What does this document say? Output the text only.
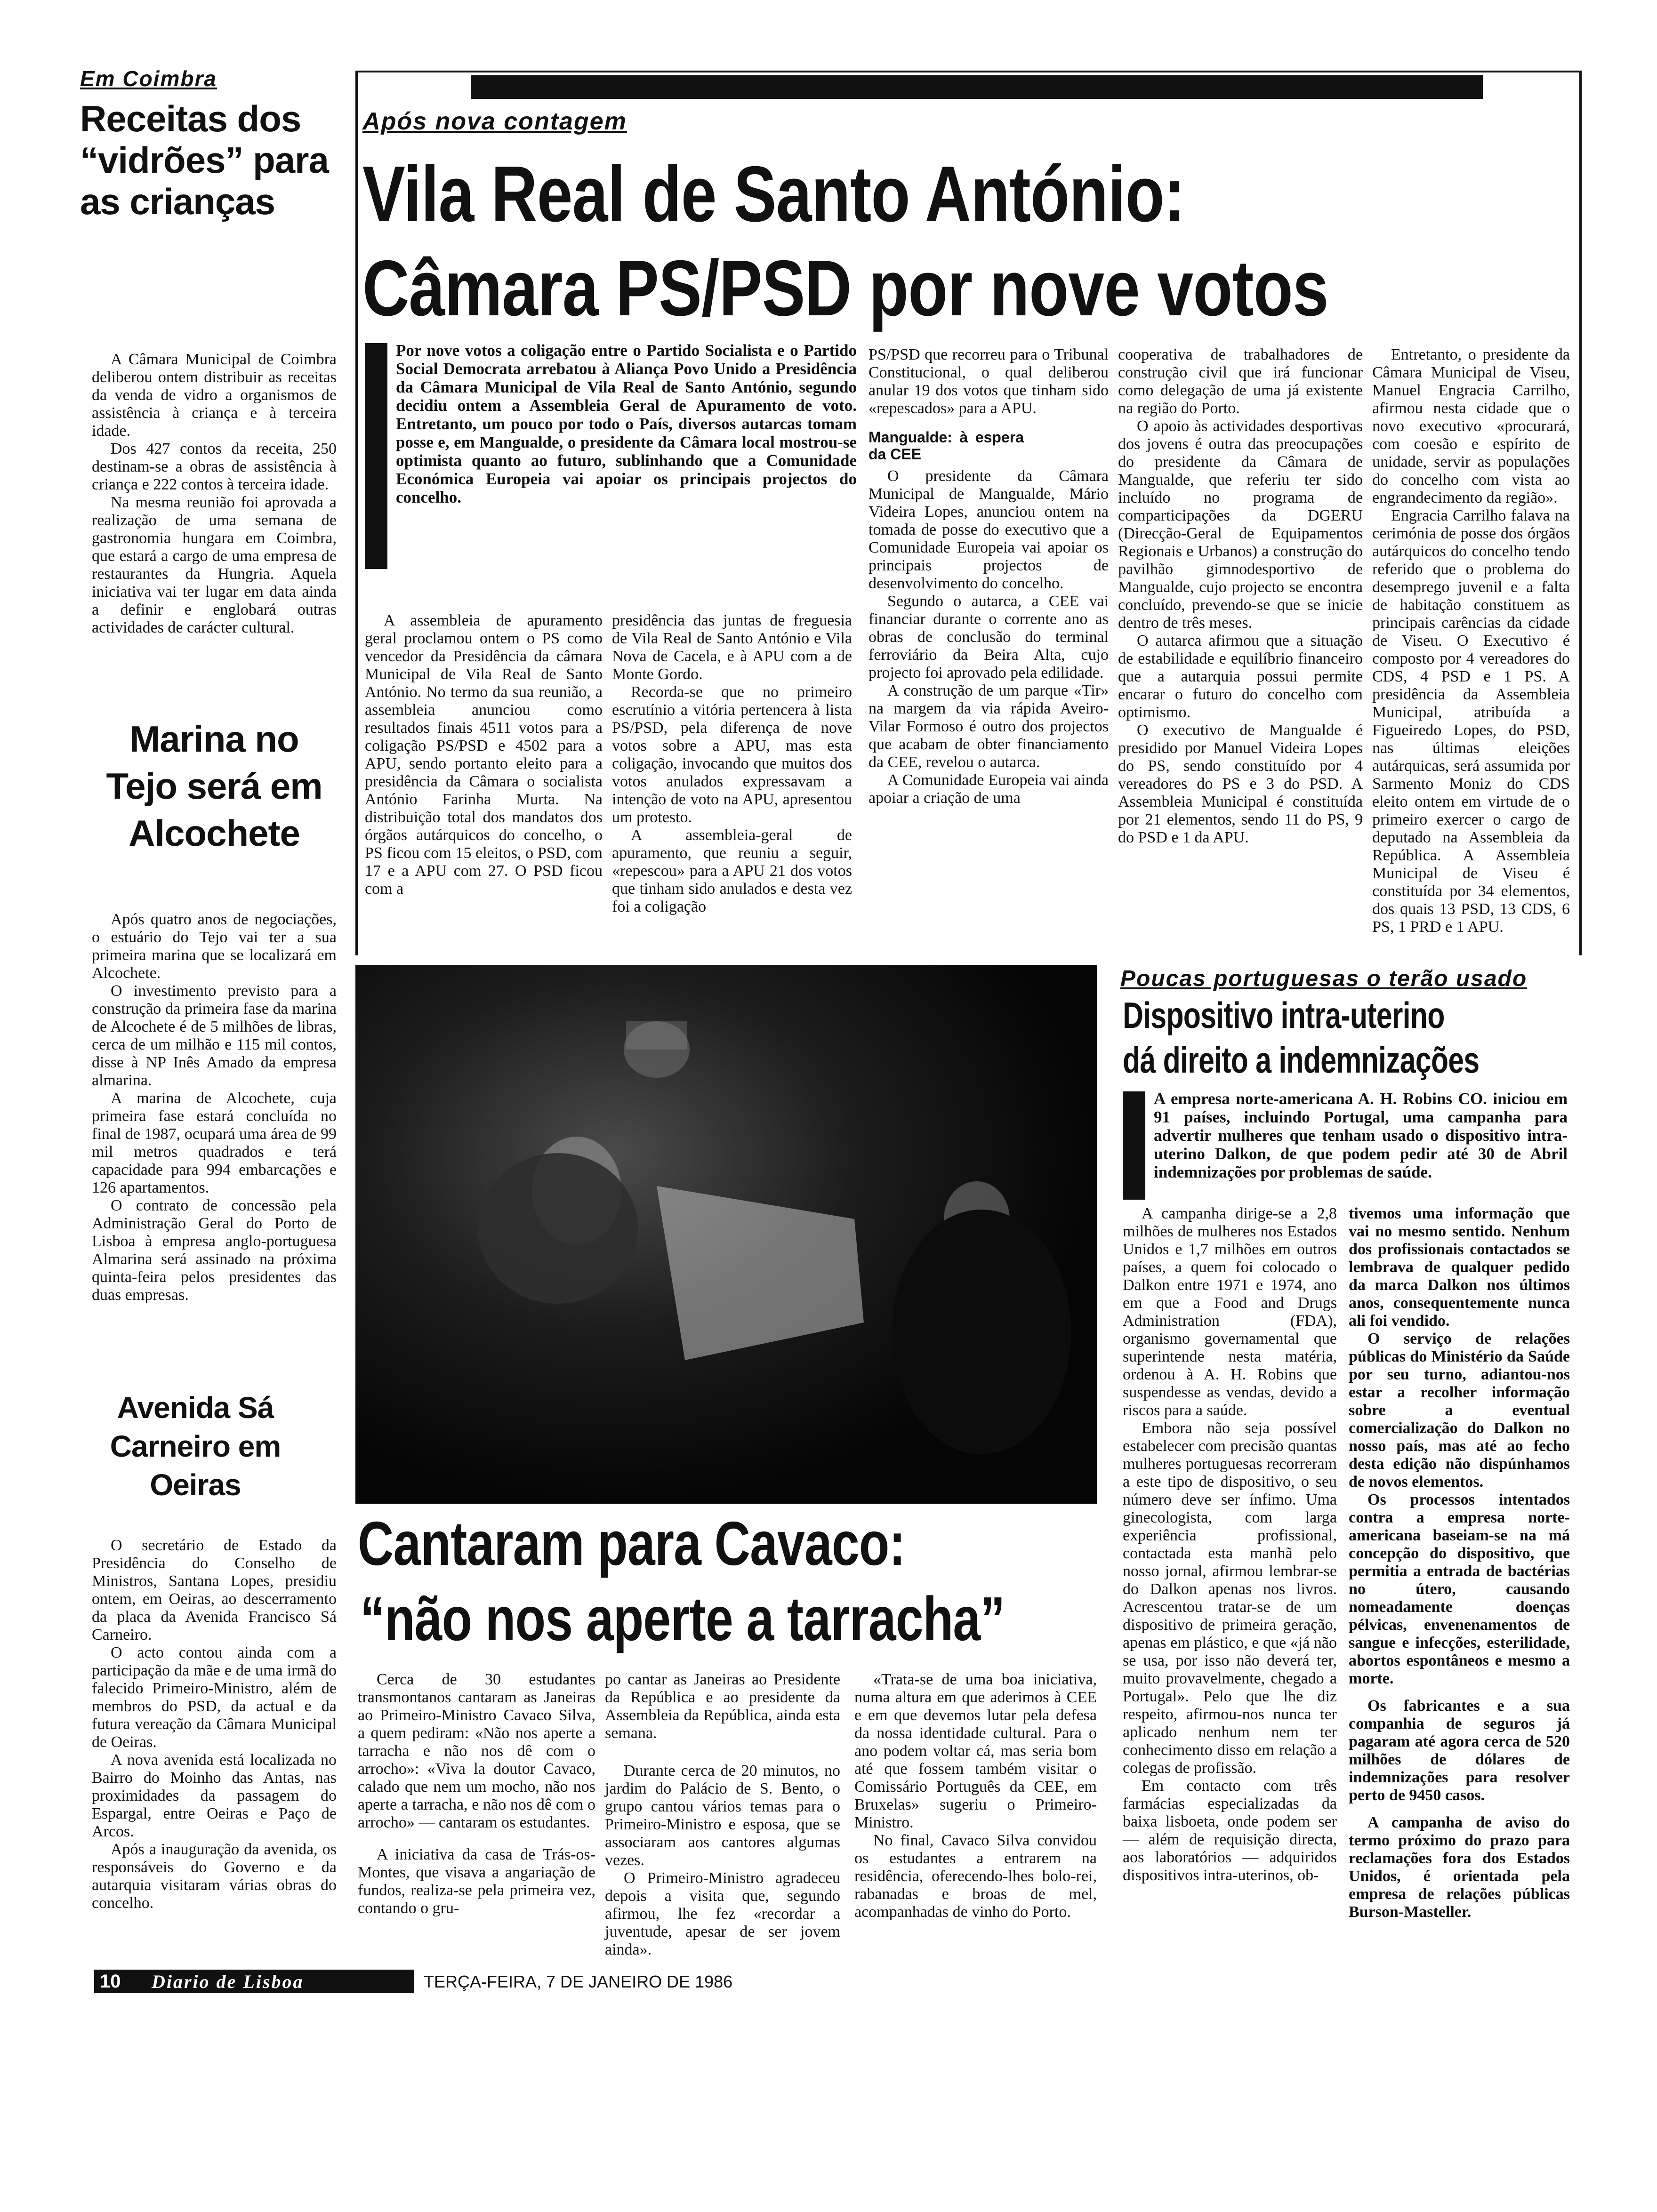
Em Coimbra
Receitas dos “vidrões” para as crianças

A Câmara Municipal de Coimbra deliberou ontem distribuir as receitas da venda de vidro a organismos de assistência à criança e à terceira idade.

Dos 427 contos da receita, 250 destinam-se a obras de assistência à criança e 222 contos à terceira idade.

Na mesma reunião foi aprovada a realização de uma semana de gastronomia hungara em Coimbra, que estará a cargo de uma empresa de restaurantes da Hungria. Aquela iniciativa vai ter lugar em data ainda a definir e englobará outras actividades de carácter cultural.

Marina no Tejo será em Alcochete

Após quatro anos de negociações, o estuário do Tejo vai ter a sua primeira marina que se localizará em Alcochete.

O investimento previsto para a construção da primeira fase da marina de Alcochete é de 5 milhões de libras, cerca de um milhão e 115 mil contos, disse à NP Inês Amado da empresa almarina.

A marina de Alcochete, cuja primeira fase estará concluída no final de 1987, ocupará uma área de 99 mil metros quadrados e terá capacidade para 994 embarcações e 126 apartamentos.

O contrato de concessão pela Administração Geral do Porto de Lisboa à empresa anglo-portuguesa Almarina será assinado na próxima quinta-feira pelos presidentes das duas empresas.

Avenida Sá Carneiro em Oeiras

O secretário de Estado da Presidência do Conselho de Ministros, Santana Lopes, presidiu ontem, em Oeiras, ao descerramento da placa da Avenida Francisco Sá Carneiro.

O acto contou ainda com a participação da mãe e de uma irmã do falecido Primeiro-Ministro, além de membros do PSD, da actual e da futura vereação da Câmara Municipal de Oeiras.

A nova avenida está localizada no Bairro do Moinho das Antas, nas proximidades da passagem do Espargal, entre Oeiras e Paço de Arcos.

Após a inauguração da avenida, os responsáveis do Governo e da autarquia visitaram várias obras do concelho.

Após nova contagem
Vila Real de Santo António:
Câmara PS/PSD por nove votos
Por nove votos a coligação entre o Partido Socialista e o Partido Social Democrata arrebatou à Aliança Povo Unido a Presidência da Câmara Municipal de Vila Real de Santo António, segundo decidiu ontem a Assembleia Geral de Apuramento de voto. Entretanto, um pouco por todo o País, diversos autarcas tomam posse e, em Mangualde, o presidente da Câmara local mostrou-se optimista quanto ao futuro, sublinhando que a Comunidade Económica Europeia vai apoiar os principais projectos do concelho.

A assembleia de apuramento geral proclamou ontem o PS como vencedor da Presidência da câmara Municipal de Vila Real de Santo António. No termo da sua reunião, a assembleia anunciou como resultados finais 4511 votos para a coligação PS/PSD e 4502 para a APU, sendo portanto eleito para a presidência da Câmara o socialista António Farinha Murta. Na distribuição total dos mandatos dos órgãos autárquicos do concelho, o PS ficou com 15 eleitos, o PSD, com 17 e a APU com 27. O PSD ficou com a

presidência das juntas de freguesia de Vila Real de Santo António e Vila Nova de Cacela, e à APU com a de Monte Gordo.

Recorda-se que no primeiro escrutínio a vitória pertencera à lista PS/PSD, pela diferença de nove votos sobre a APU, mas esta coligação, invocando que muitos dos votos anulados expressavam a intenção de voto na APU, apresentou um protesto.

A assembleia-geral de apuramento, que reuniu a seguir, «repescou» para a APU 21 dos votos que tinham sido anulados e desta vez foi a coligação

PS/PSD que recorreu para o Tribunal Constitucional, o qual deliberou anular 19 dos votos que tinham sido «repescados» para a APU.

Mangualde: à espera da CEE

O presidente da Câmara Municipal de Mangualde, Mário Videira Lopes, anunciou ontem na tomada de posse do executivo que a Comunidade Europeia vai apoiar os principais projectos de desenvolvimento do concelho.

Segundo o autarca, a CEE vai financiar durante o corrente ano as obras de conclusão do terminal ferroviário da Beira Alta, cujo projecto foi aprovado pela edilidade.

A construção de um parque «Tir» na margem da via rápida Aveiro-Vilar Formoso é outro dos projectos que acabam de obter financiamento da CEE, revelou o autarca.

A Comunidade Europeia vai ainda apoiar a criação de uma

cooperativa de trabalhadores de construção civil que irá funcionar como delegação de uma já existente na região do Porto.

O apoio às actividades desportivas dos jovens é outra das preocupações do presidente da Câmara de Mangualde, que referiu ter sido incluído no programa de comparticipações da DGERU (Direcção-Geral de Equipamentos Regionais e Urbanos) a construção do pavilhão gimnodesportivo de Mangualde, cujo projecto se encontra concluído, prevendo-se que se inicie dentro de três meses.

O autarca afirmou que a situação de estabilidade e equilíbrio financeiro que a autarquia possui permite encarar o futuro do concelho com optimismo.

O executivo de Mangualde é presidido por Manuel Videira Lopes do PS, sendo constituído por 4 vereadores do PS e 3 do PSD. A Assembleia Municipal é constituída por 21 elementos, sendo 11 do PS, 9 do PSD e 1 da APU.

Entretanto, o presidente da Câmara Municipal de Viseu, Manuel Engracia Carrilho, afirmou nesta cidade que o novo executivo «procurará, com coesão e espírito de unidade, servir as populações do concelho com vista ao engrandecimento da região».

Engracia Carrilho falava na cerimónia de posse dos órgãos autárquicos do concelho tendo referido que o problema do desemprego juvenil e a falta de habitação constituem as principais carências da cidade de Viseu. O Executivo é composto por 4 vereadores do CDS, 4 PSD e 1 PS. A presidência da Assembleia Municipal, atribuída a Figueiredo Lopes, do PSD, nas últimas eleições autárquicas, será assumida por Sarmento Moniz do CDS eleito ontem em virtude de o primeiro exercer o cargo de deputado na Assembleia da República. A Assembleia Municipal de Viseu é constituída por 34 elementos, dos quais 13 PSD, 13 CDS, 6 PS, 1 PRD e 1 APU.

Cantaram para Cavaco:
“não nos aperte a tarracha”

Cerca de 30 estudantes transmontanos cantaram as Janeiras ao Primeiro-Ministro Cavaco Silva, a quem pediram: «Não nos aperte a tarracha e não nos dê com o arrocho»: «Viva la doutor Cavaco, calado que nem um mocho, não nos aperte a tarracha, e não nos dê com o arrocho» — cantaram os estudantes.

A iniciativa da casa de Trás-os-Montes, que visava a angariação de fundos, realiza-se pela primeira vez, contando o gru-

po cantar as Janeiras ao Presidente da República e ao presidente da Assembleia da República, ainda esta semana.

Durante cerca de 20 minutos, no jardim do Palácio de S. Bento, o grupo cantou vários temas para o Primeiro-Ministro e esposa, que se associaram aos cantores algumas vezes.

O Primeiro-Ministro agradeceu depois a visita que, segundo afirmou, lhe fez «recordar a juventude, apesar de ser jovem ainda».

«Trata-se de uma boa iniciativa, numa altura em que aderimos à CEE e em que devemos lutar pela defesa da nossa identidade cultural. Para o ano podem voltar cá, mas seria bom até que fossem também visitar o Comissário Português da CEE, em Bruxelas» sugeriu o Primeiro-Ministro.

No final, Cavaco Silva convidou os estudantes a entrarem na residência, oferecendo-lhes bolo-rei, rabanadas e broas de mel, acompanhadas de vinho do Porto.

Poucas portuguesas o terão usado
Dispositivo intra-uterino
dá direito a indemnizações
A empresa norte-americana A. H. Robins CO. iniciou em 91 países, incluindo Portugal, uma campanha para advertir mulheres que tenham usado o dispositivo intra-uterino Dalkon, de que podem pedir até 30 de Abril indemnizações por problemas de saúde.

A campanha dirige-se a 2,8 milhões de mulheres nos Estados Unidos e 1,7 milhões em outros países, a quem foi colocado o Dalkon entre 1971 e 1974, ano em que a Food and Drugs Administration (FDA), organismo governamental que superintende nesta matéria, ordenou à A. H. Robins que suspendesse as vendas, devido a riscos para a saúde.

Embora não seja possível estabelecer com precisão quantas mulheres portuguesas recorreram a este tipo de dispositivo, o seu número deve ser ínfimo. Uma ginecologista, com larga experiência profissional, contactada esta manhã pelo nosso jornal, afirmou lembrar-se do Dalkon apenas nos livros. Acrescentou tratar-se de um dispositivo de primeira geração, apenas em plástico, e que «já não se usa, por isso não deverá ter, muito provavelmente, chegado a Portugal». Pelo que lhe diz respeito, afirmou-nos nunca ter aplicado nenhum nem ter conhecimento disso em relação a colegas de profissão.

Em contacto com três farmácias especializadas da baixa lisboeta, onde podem ser — além de requisição directa, aos laboratórios — adquiridos dispositivos intra-uterinos, ob-

tivemos uma informação que vai no mesmo sentido. Nenhum dos profissionais contactados se lembrava de qualquer pedido da marca Dalkon nos últimos anos, consequentemente nunca ali foi vendido.

O serviço de relações públicas do Ministério da Saúde por seu turno, adiantou-nos estar a recolher informação sobre a eventual comercialização do Dalkon no nosso país, mas até ao fecho desta edição não dispúnhamos de novos elementos.

Os processos intentados contra a empresa norte-americana baseiam-se na má concepção do dispositivo, que permitia a entrada de bactérias no útero, causando nomeadamente doenças pélvicas, envenenamentos de sangue e infecções, esterilidade, abortos espontâneos e mesmo a morte.

Os fabricantes e a sua companhia de seguros já pagaram até agora cerca de 520 milhões de dólares de indemnizações para resolver perto de 9450 casos.

A campanha de aviso do termo próximo do prazo para reclamações fora dos Estados Unidos, é orientada pela empresa de relações públicas Burson-Masteller.

10	Diario de Lisboa	TERÇA-FEIRA, 7 DE JANEIRO DE 1986
